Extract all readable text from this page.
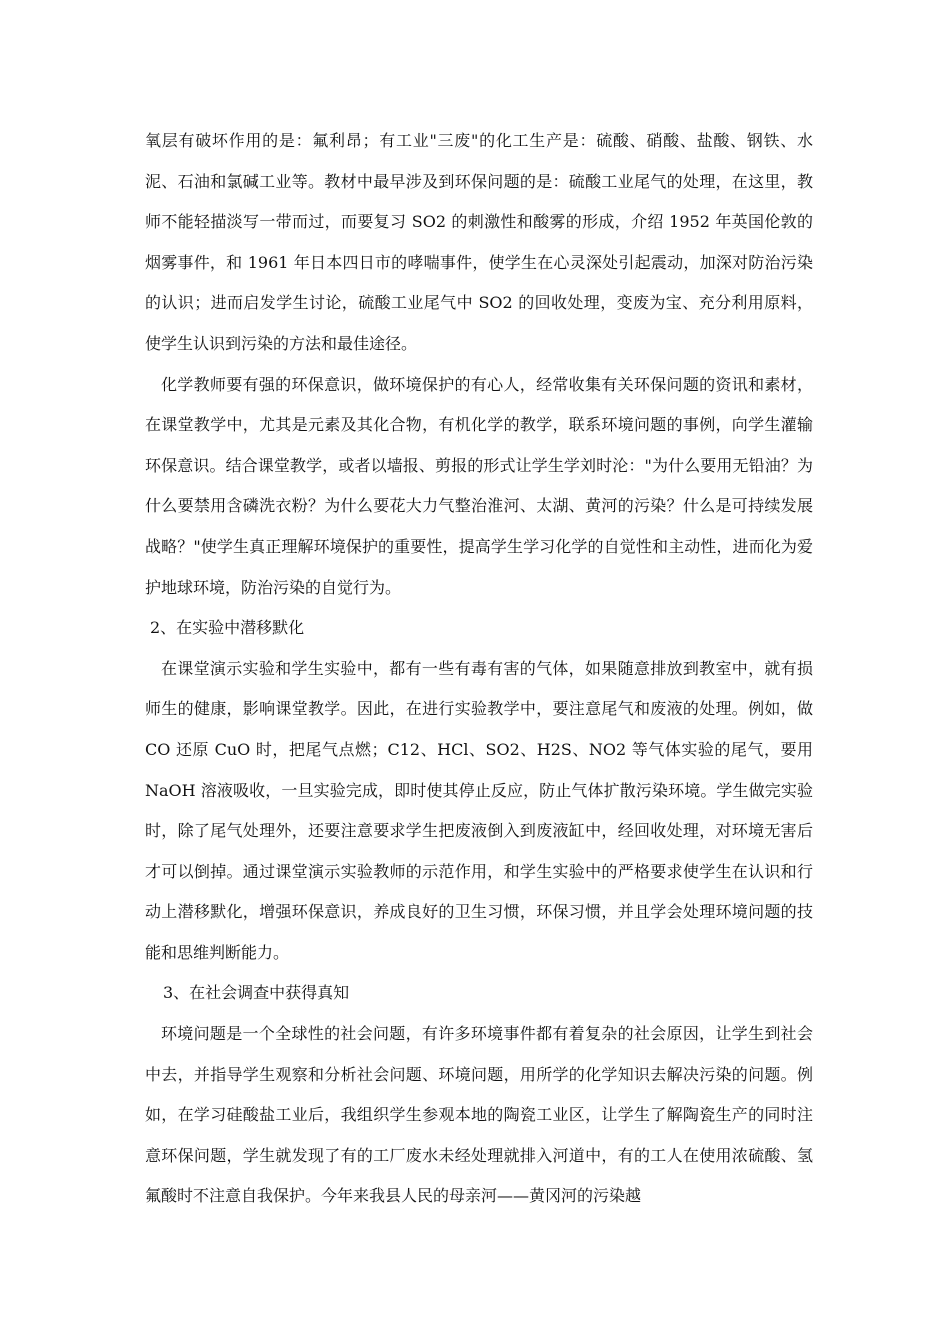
氧层有破坏作用的是：氟利昂；有工业"三废"的化工生产是：硫酸、硝酸、盐酸、钢铁、水泥、石油和氯碱工业等。教材中最早涉及到环保问题的是：硫酸工业尾气的处理，在这里，教师不能轻描淡写一带而过，而要复习 SO2 的刺激性和酸雾的形成，介绍 1952 年英国伦敦的烟雾事件，和 1961 年日本四日市的哮喘事件，使学生在心灵深处引起震动，加深对防治污染的认识；进而启发学生讨论，硫酸工业尾气中 SO2 的回收处理，变废为宝、充分利用原料，使学生认识到污染的方法和最佳途径。

化学教师要有强的环保意识，做环境保护的有心人，经常收集有关环保问题的资讯和素材，在课堂教学中，尤其是元素及其化合物，有机化学的教学，联系环境问题的事例，向学生灌输环保意识。结合课堂教学，或者以墙报、剪报的形式让学生学刘时沦："为什么要用无铅油？为什么要禁用含磷洗衣粉？为什么要花大力气整治淮河、太湖、黄河的污染？什么是可持续发展战略？"使学生真正理解环境保护的重要性，提高学生学习化学的自觉性和主动性，进而化为爱护地球环境，防治污染的自觉行为。

2、在实验中潜移默化

在课堂演示实验和学生实验中，都有一些有毒有害的气体，如果随意排放到教室中，就有损师生的健康，影响课堂教学。因此，在进行实验教学中，要注意尾气和废液的处理。例如，做 CO 还原 CuO 时，把尾气点燃；C12、HCl、SO2、H2S、NO2 等气体实验的尾气，要用 NaOH 溶液吸收，一旦实验完成，即时使其停止反应，防止气体扩散污染环境。学生做完实验时，除了尾气处理外，还要注意要求学生把废液倒入到废液缸中，经回收处理，对环境无害后才可以倒掉。通过课堂演示实验教师的示范作用，和学生实验中的严格要求使学生在认识和行动上潜移默化，增强环保意识，养成良好的卫生习惯，环保习惯，并且学会处理环境问题的技能和思维判断能力。

3、在社会调查中获得真知

环境问题是一个全球性的社会问题，有许多环境事件都有着复杂的社会原因，让学生到社会中去，并指导学生观察和分析社会问题、环境问题，用所学的化学知识去解决污染的问题。例如，在学习硅酸盐工业后，我组织学生参观本地的陶瓷工业区，让学生了解陶瓷生产的同时注意环保问题，学生就发现了有的工厂废水未经处理就排入河道中，有的工人在使用浓硫酸、氢氟酸时不注意自我保护。今年来我县人民的母亲河——黄冈河的污染越
